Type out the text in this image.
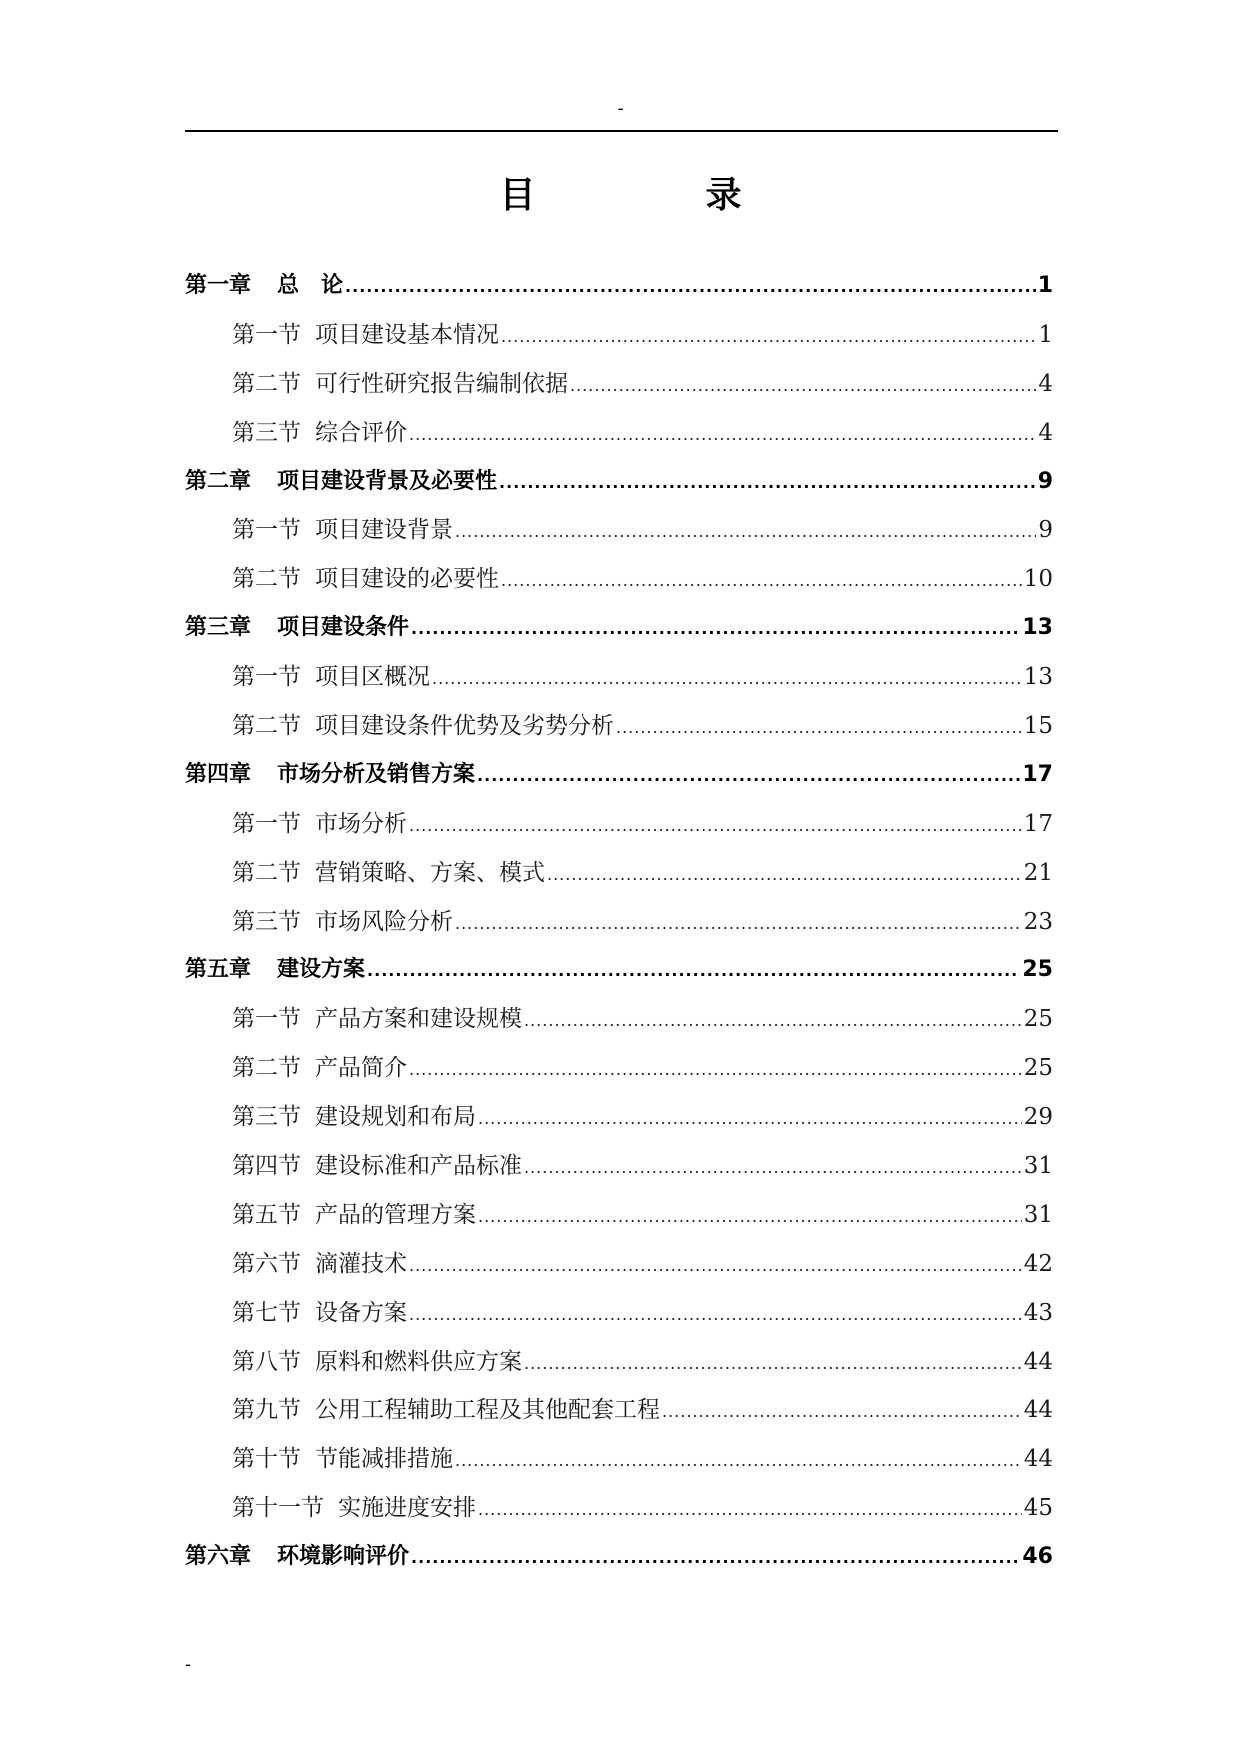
-
目	录
第一章 总　论 .....	1
第一节 项目建设基本情况 .....	1
第二节 可行性研究报告编制依据 .....	4
第三节 综合评价 .....	4
第二章 项目建设背景及必要性 .....	9
第一节 项目建设背景 .....	9
第二节 项目建设的必要性 .....	10
第三章 项目建设条件 .....	13
第一节 项目区概况 .....	13
第二节 项目建设条件优势及劣势分析 .....	15
第四章 市场分析及销售方案 .....	17
第一节 市场分析 .....	17
第二节 营销策略、方案、模式 .....	21
第三节 市场风险分析 .....	23
第五章 建设方案 .....	25
第一节 产品方案和建设规模 .....	25
第二节 产品简介 .....	25
第三节 建设规划和布局 .....	29
第四节 建设标准和产品标准 .....	31
第五节 产品的管理方案 .....	31
第六节 滴灌技术 .....	42
第七节 设备方案 .....	43
第八节 原料和燃料供应方案 .....	44
第九节 公用工程辅助工程及其他配套工程 .....	44
第十节 节能减排措施 .....	44
第十一节 实施进度安排 .....	45
第六章 环境影响评价 .....	46
-
